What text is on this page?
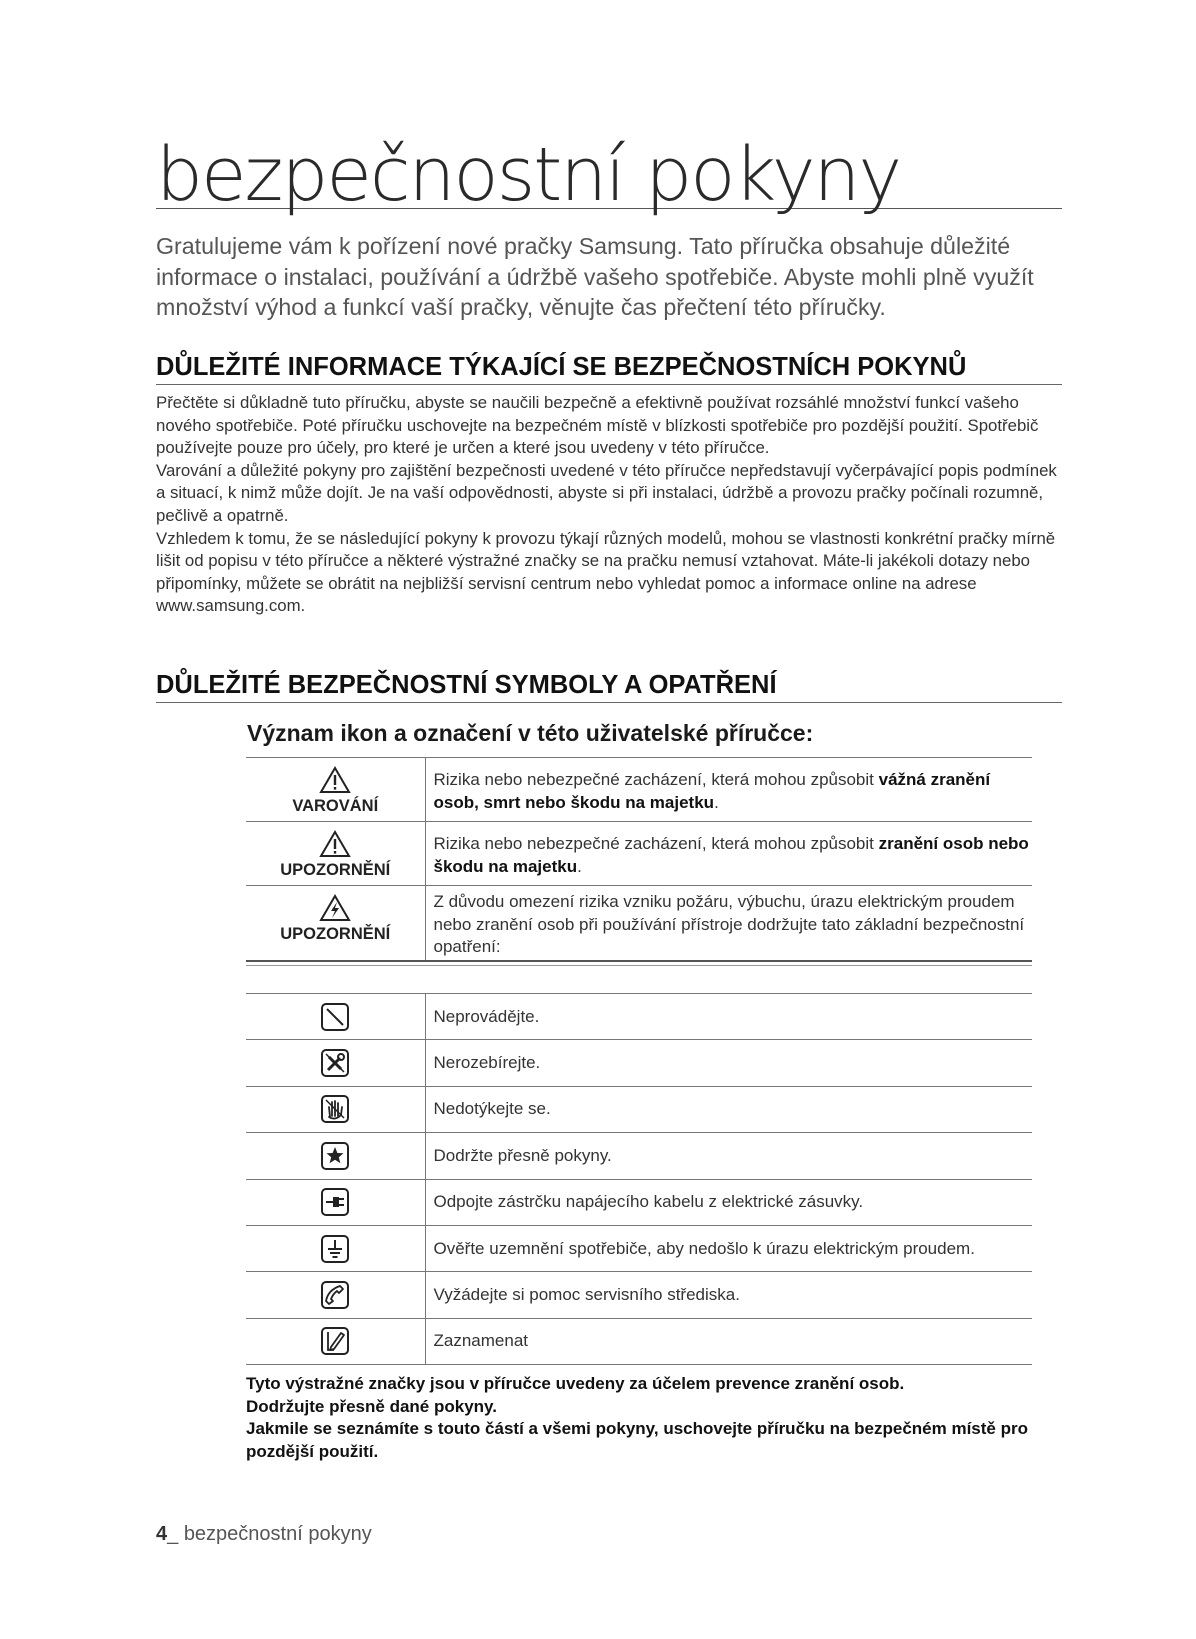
bezpečnostní pokyny

Gratulujeme vám k pořízení nové pračky Samsung. Tato příručka obsahuje důležité informace o instalaci, používání a údržbě vašeho spotřebiče. Abyste mohli plně využít množství výhod a funkcí vaší pračky, věnujte čas přečtení této příručky.

DŮLEŽITÉ INFORMACE TÝKAJÍCÍ SE BEZPEČNOSTNÍCH POKYNŮ

Přečtěte si důkladně tuto příručku, abyste se naučili bezpečně a efektivně používat rozsáhlé množství funkcí vašeho nového spotřebiče. Poté příručku uschovejte na bezpečném místě v blízkosti spotřebiče pro pozdější použití. Spotřebič používejte pouze pro účely, pro které je určen a které jsou uvedeny v této příručce.

Varování a důležité pokyny pro zajištění bezpečnosti uvedené v této příručce nepředstavují vyčerpávající popis podmínek a situací, k nimž může dojít. Je na vaší odpovědnosti, abyste si při instalaci, údržbě a provozu pračky počínali rozumně, pečlivě a opatrně.

Vzhledem k tomu, že se následující pokyny k provozu týkají různých modelů, mohou se vlastnosti konkrétní pračky mírně lišit od popisu v této příručce a některé výstražné značky se na pračku nemusí vztahovat. Máte-li jakékoli dotazy nebo připomínky, můžete se obrátit na nejbližší servisní centrum nebo vyhledat pomoc a informace online na adrese www.samsung.com.

DŮLEŽITÉ BEZPEČNOSTNÍ SYMBOLY A OPATŘENÍ
Význam ikon a označení v této uživatelské příručce:
VAROVÁNÍ	Rizika nebo nebezpečné zacházení, která mohou způsobit vážná zranění osob, smrt nebo škodu na majetku.

UPOZORNĚNÍ	Rizika nebo nebezpečné zacházení, která mohou způsobit zranění osob nebo škodu na majetku.

UPOZORNĚNÍ	Z důvodu omezení rizika vzniku požáru, výbuchu, úrazu elektrickým proudem nebo zranění osob při používání přístroje dodržujte tato základní bezpečnostní opatření:
	Neprovádějte.
	Nerozebírejte.
	Nedotýkejte se.
	Dodržte přesně pokyny.
	Odpojte zástrčku napájecího kabelu z elektrické zásuvky.
	Ověřte uzemnění spotřebiče, aby nedošlo k úrazu elektrickým proudem.
	Vyžádejte si pomoc servisního střediska.
	Zaznamenat

Tyto výstražné značky jsou v příručce uvedeny za účelem prevence zranění osob.

Dodržujte přesně dané pokyny.

Jakmile se seznámíte s touto částí a všemi pokyny, uschovejte příručku na bezpečném místě pro pozdější použití.

4_ bezpečnostní pokyny
